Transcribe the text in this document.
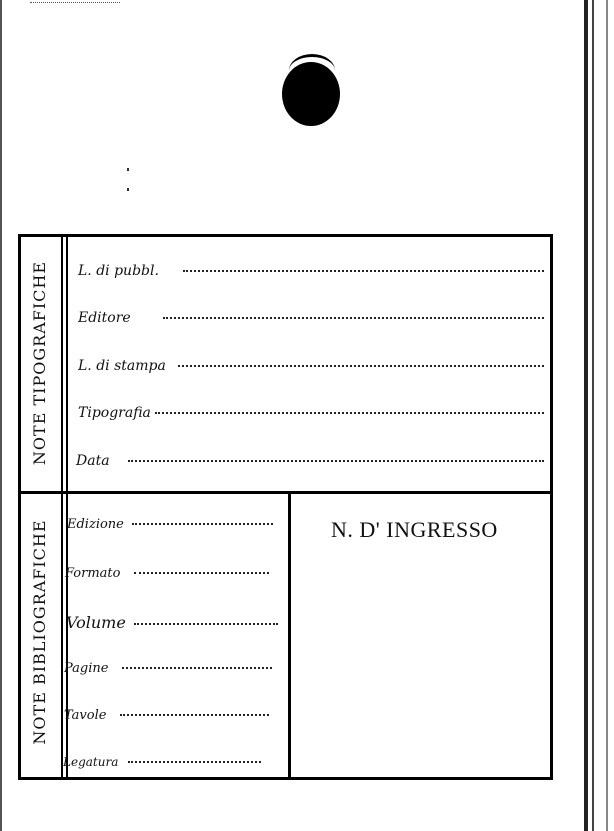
NOTE TIPOGRAFICHE
NOTE BIBLIOGRAFICHE
L. di pubbl.
Editore
L. di stampa
Tipografia
Data
Edizione
Formato
Volume
Pagine
Tavole
Legatura
N. D' INGRESSO
